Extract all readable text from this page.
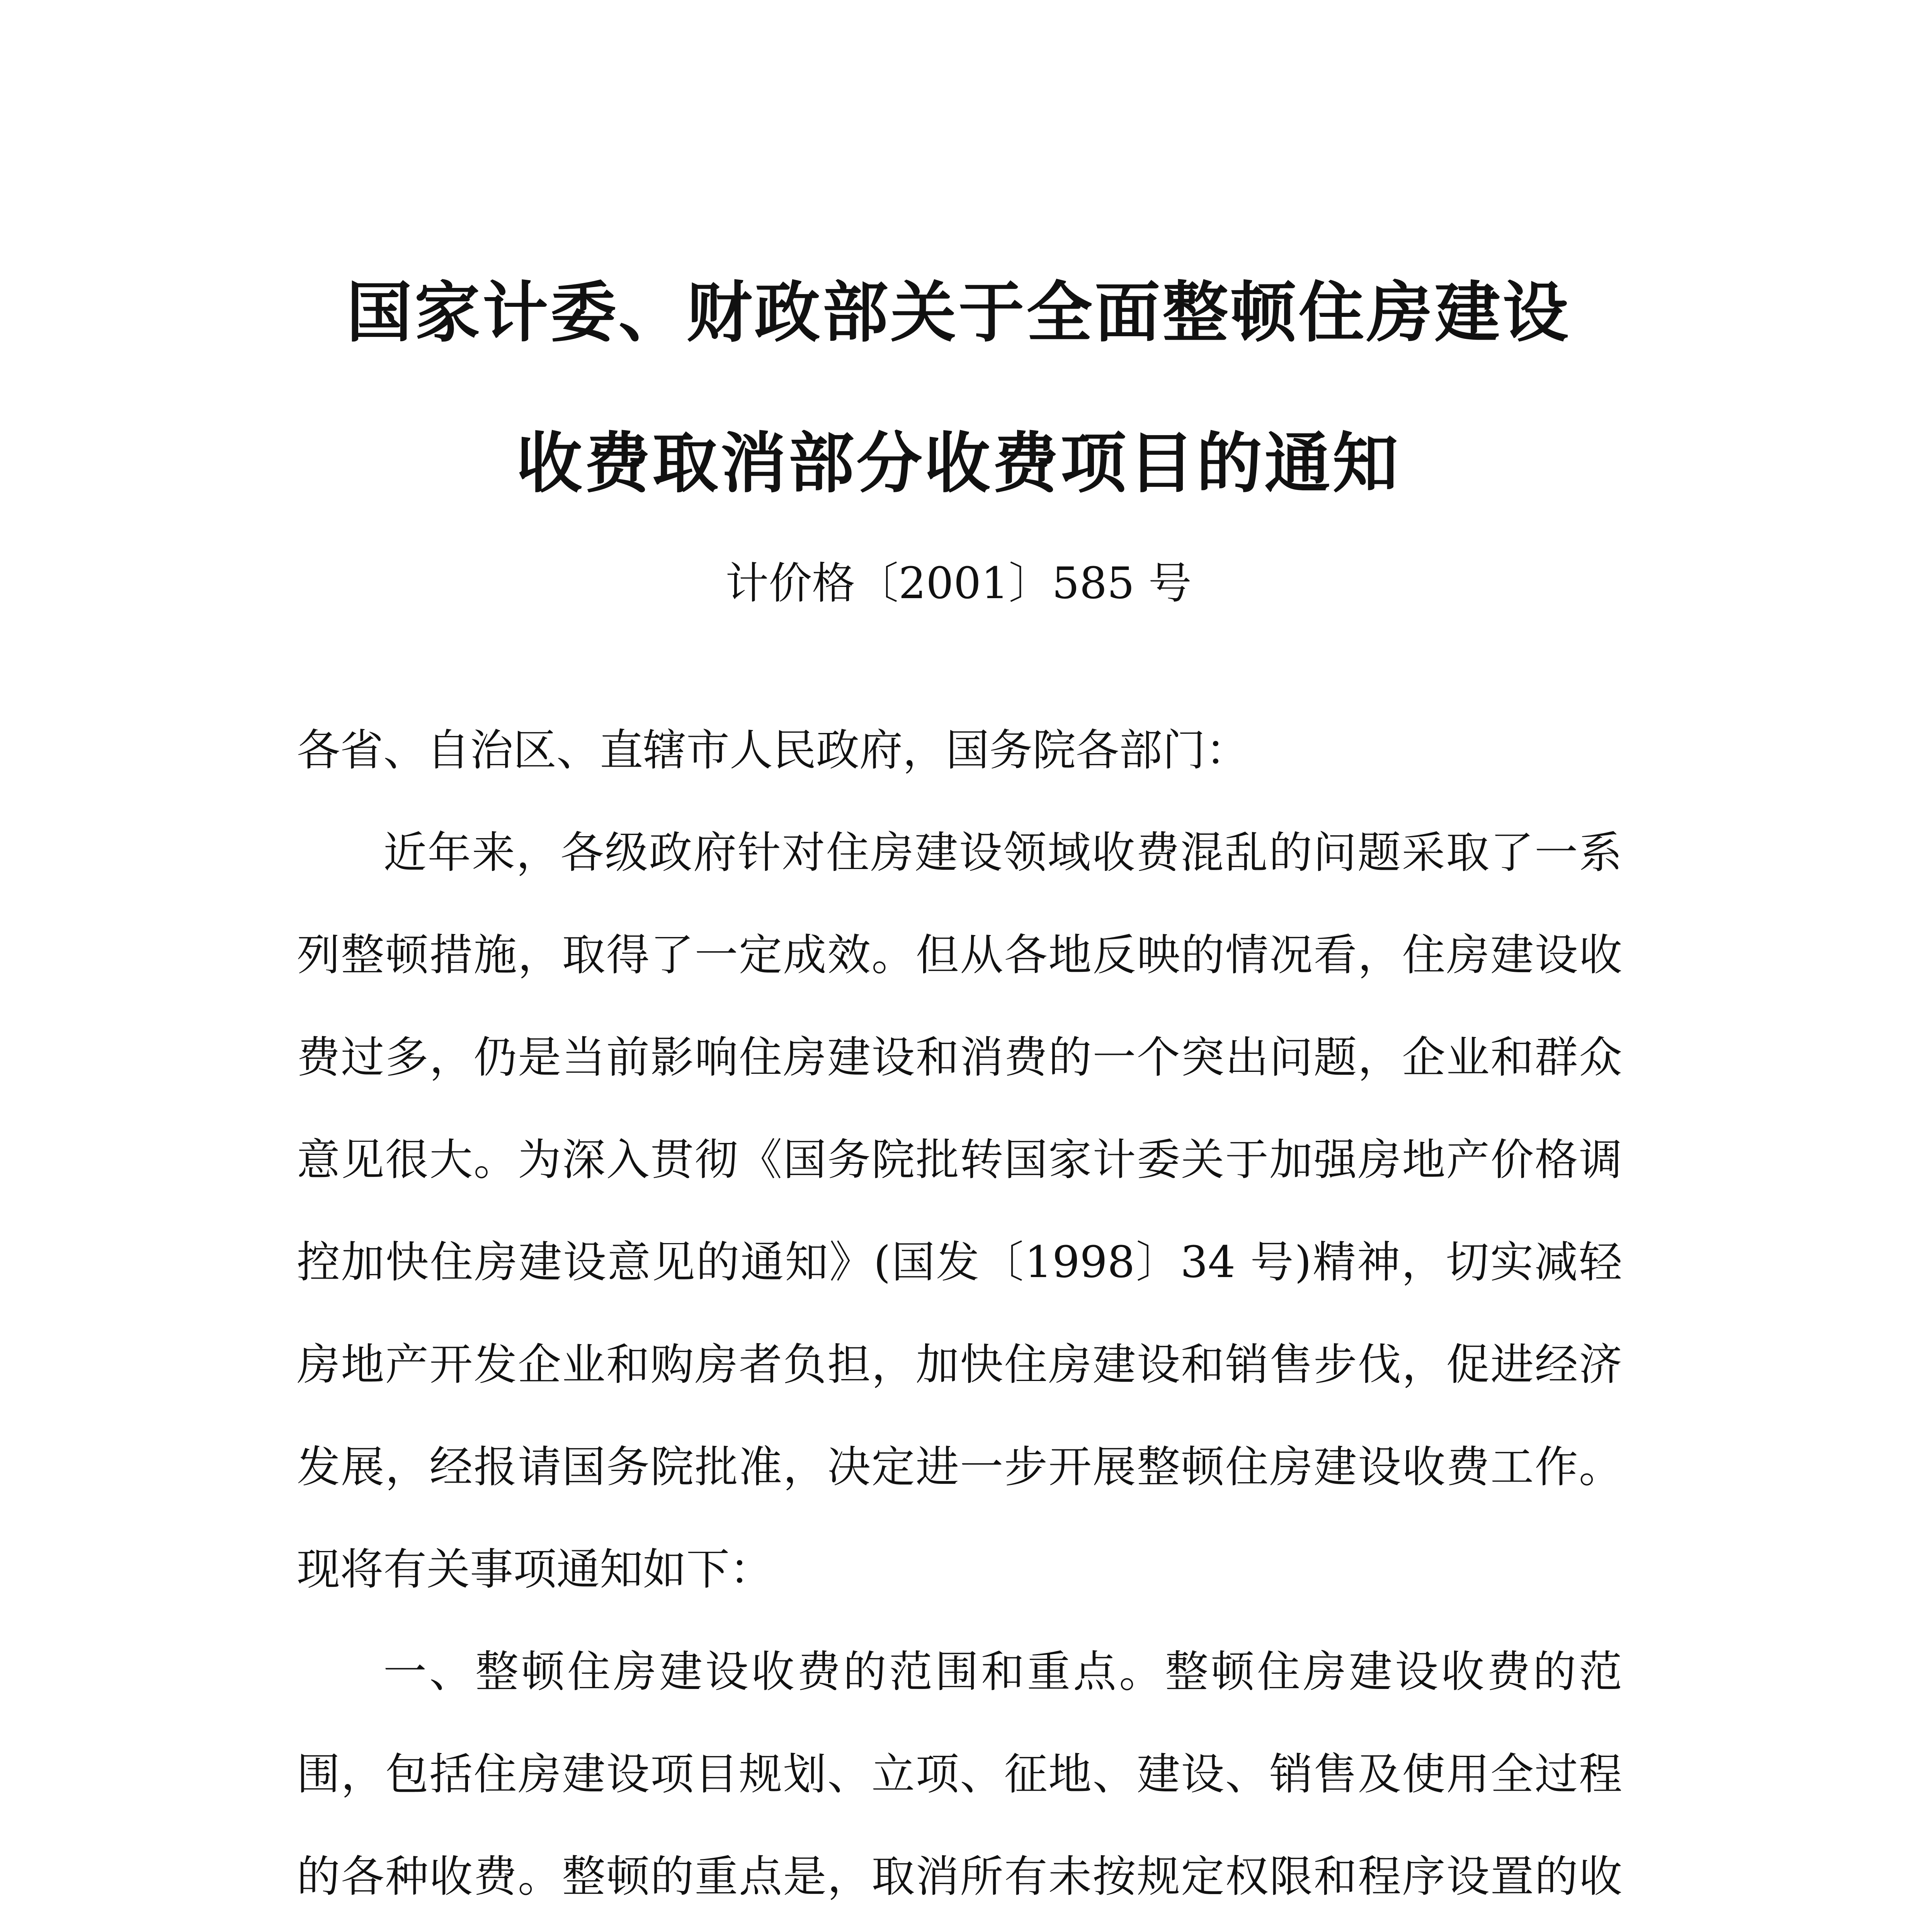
国家计委、财政部关于全面整顿住房建设
收费取消部分收费项目的通知

计价格〔2001〕585 号

各省、自治区、直辖市人民政府，国务院各部门：

近年来，各级政府针对住房建设领域收费混乱的问题采取了一系列整顿措施，取得了一定成效。但从各地反映的情况看，住房建设收费过多，仍是当前影响住房建设和消费的一个突出问题，企业和群众意见很大。为深入贯彻《国务院批转国家计委关于加强房地产价格调控加快住房建设意见的通知》(国发〔1998〕34 号)精神，切实减轻房地产开发企业和购房者负担，加快住房建设和销售步伐，促进经济发展，经报请国务院批准，决定进一步开展整顿住房建设收费工作。现将有关事项通知如下：

一、整顿住房建设收费的范围和重点。整顿住房建设收费的范围，包括住房建设项目规划、立项、征地、建设、销售及使用全过程的各种收费。整顿的重点是，取消所有未按规定权限和程序设置的收
